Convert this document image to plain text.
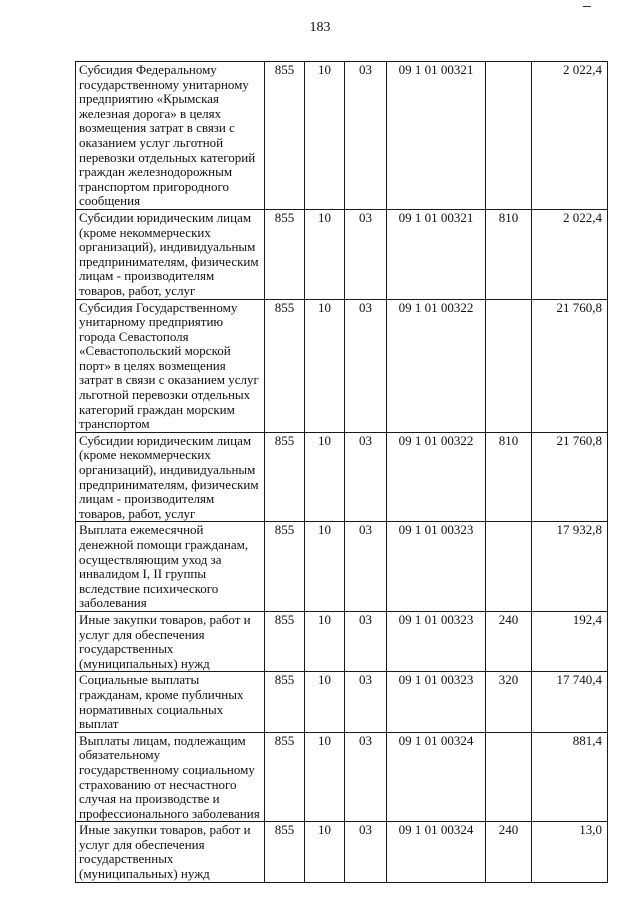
183
Субсидия Федеральному государственному унитарному предприятию «Крымская железная дорога» в целях возмещения затрат в связи с оказанием услуг льготной перевозки отдельных категорий граждан железнодорожным транспортом пригородного сообщения	855	10	03	09 1 01 00321		2 022,4
Субсидии юридическим лицам (кроме некоммерческих организаций), индивидуальным предпринимателям, физическим лицам - производителям товаров, работ, услуг	855	10	03	09 1 01 00321	810	2 022,4
Субсидия Государственному унитарному предприятию города Севастополя «Севастопольский морской порт» в целях возмещения затрат в связи с оказанием услуг льготной перевозки отдельных категорий граждан морским транспортом	855	10	03	09 1 01 00322		21 760,8
Субсидии юридическим лицам (кроме некоммерческих организаций), индивидуальным предпринимателям, физическим лицам - производителям товаров, работ, услуг	855	10	03	09 1 01 00322	810	21 760,8
Выплата ежемесячной денежной помощи гражданам, осуществляющим уход за инвалидом I, II группы вследствие психического заболевания	855	10	03	09 1 01 00323		17 932,8
Иные закупки товаров, работ и услуг для обеспечения государственных (муниципальных) нужд	855	10	03	09 1 01 00323	240	192,4
Социальные выплаты гражданам, кроме публичных нормативных социальных выплат	855	10	03	09 1 01 00323	320	17 740,4
Выплаты лицам, подлежащим обязательному государственному социальному страхованию от несчастного случая на производстве и профессионального заболевания	855	10	03	09 1 01 00324		881,4
Иные закупки товаров, работ и услуг для обеспечения государственных (муниципальных) нужд	855	10	03	09 1 01 00324	240	13,0
